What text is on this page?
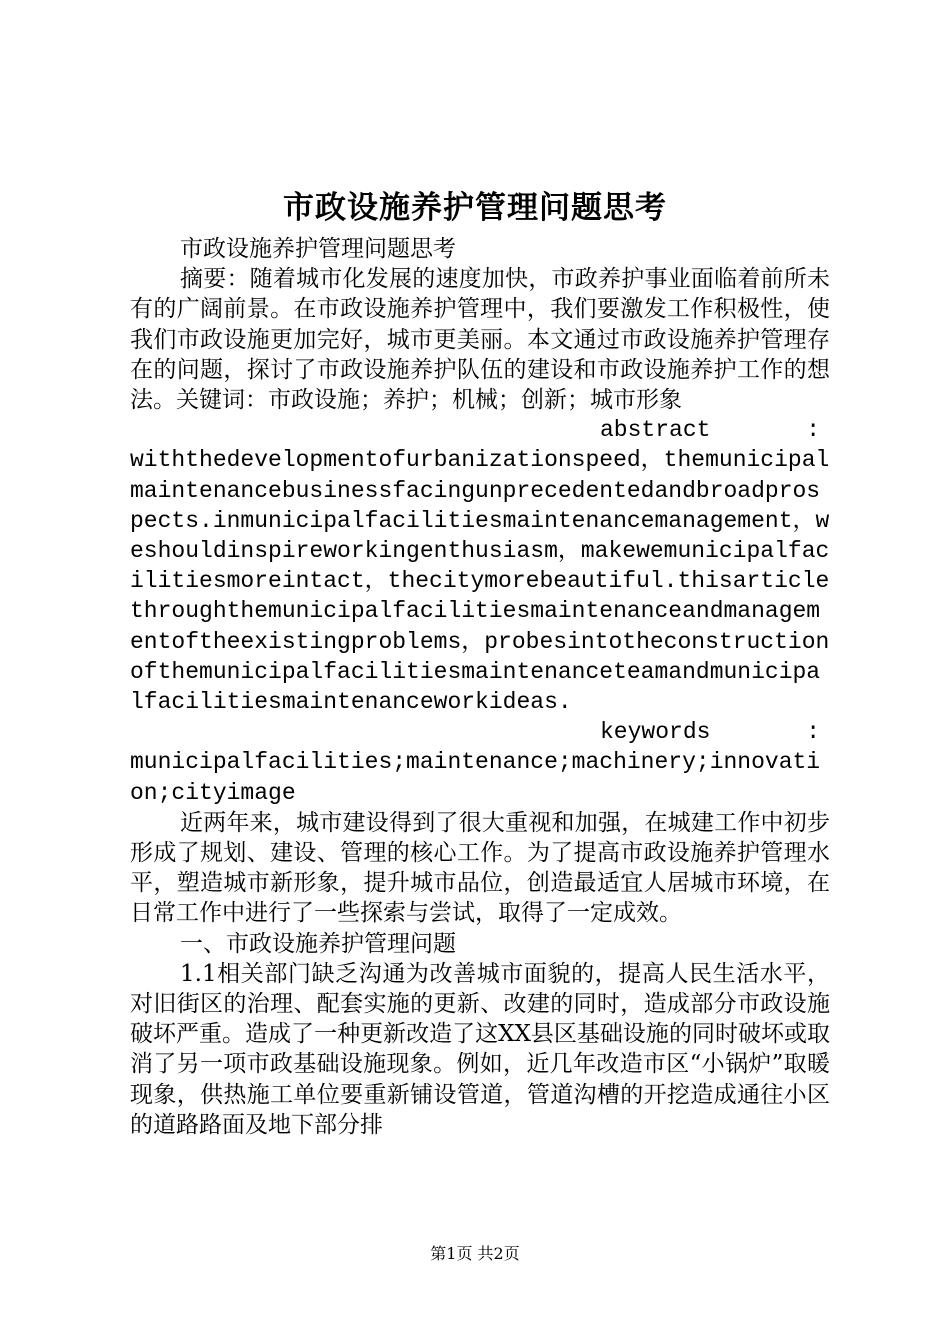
市政设施养护管理问题思考

市政设施养护管理问题思考

摘要：随着城市化发展的速度加快，市政养护事业面临着前所未有的广阔前景。在市政设施养护管理中，我们要激发工作积极性，使我们市政设施更加完好，城市更美丽。本文通过市政设施养护管理存在的问题，探讨了市政设施养护队伍的建设和市政设施养护工作的想法。关键词：市政设施；养护；机械；创新；城市形象

abstract	:

withthedevelopmentofurbanizationspeed，themunicipalmaintenancebusinessfacingunprecedentedandbroadprospects.inmunicipalfacilitiesmaintenancemanagement，weshouldinspireworkingenthusiasm，makewemunicipalfacilitiesmoreintact，thecitymorebeautiful.thisarticlethroughthemunicipalfacilitiesmaintenanceandmanagementoftheexistingproblems，probesintotheconstructionofthemunicipalfacilitiesmaintenanceteamandmunicipalfacilitiesmaintenanceworkideas.

keywords	:

municipalfacilities;maintenance;machinery;innovation;cityimage

近两年来，城市建设得到了很大重视和加强，在城建工作中初步形成了规划、建设、管理的核心工作。为了提高市政设施养护管理水平，塑造城市新形象，提升城市品位，创造最适宜人居城市环境，在日常工作中进行了一些探索与尝试，取得了一定成效。

一、市政设施养护管理问题

1.1相关部门缺乏沟通为改善城市面貌的，提高人民生活水平，对旧街区的治理、配套实施的更新、改建的同时，造成部分市政设施破坏严重。造成了一种更新改造了这XX县区基础设施的同时破坏或取消了另一项市政基础设施现象。例如，近几年改造市区“小锅炉”取暖现象，供热施工单位要重新铺设管道，管道沟槽的开挖造成通往小区的道路路面及地下部分排

第1页 共2页
